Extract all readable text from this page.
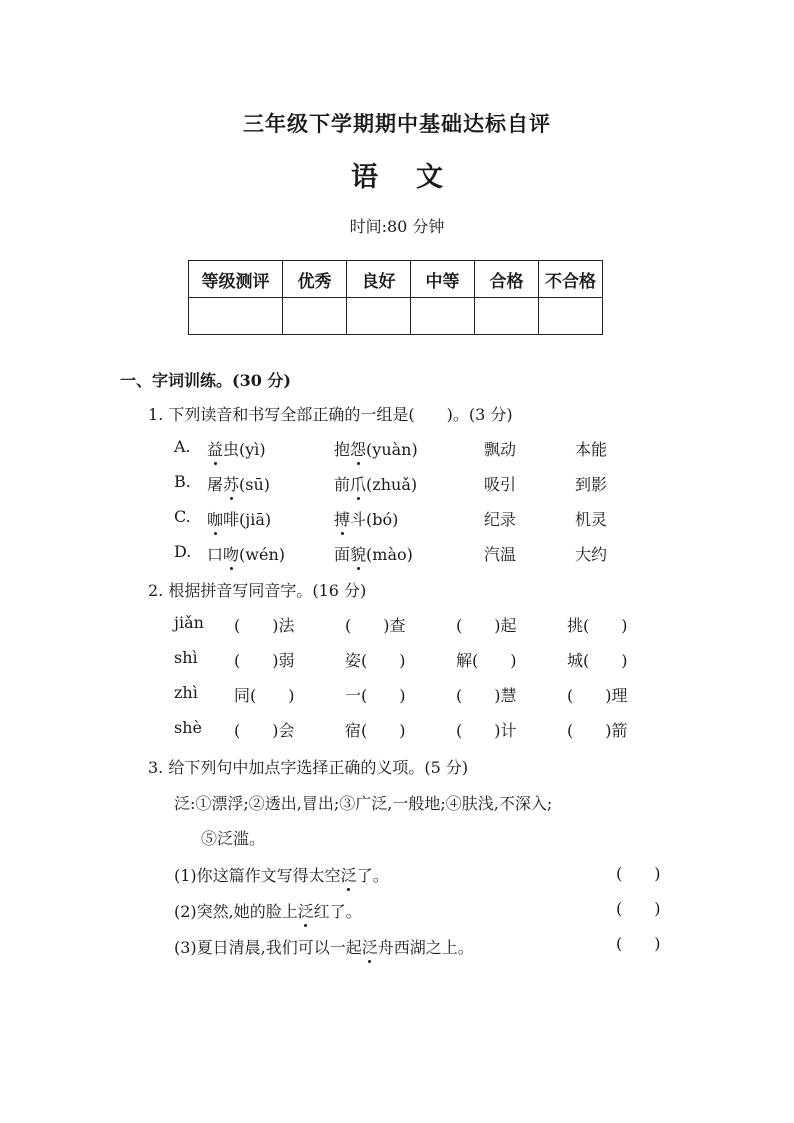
三年级下学期期中基础达标自评
语文
时间:80 分钟
等级测评	优秀	良好	中等	合格	不合格

一、字词训练。(30 分)
1. 下列读音和书写全部正确的一组是(　　)。(3 分)
A. 益虫(yì)	抱怨(yuàn)	飘动	本能
B. 屠苏(sū)	前爪(zhuǎ)	吸引	到影
C. 咖啡(jiā)	搏斗(bó)	纪录	机灵
D. 口吻(wén)	面貌(mào)	汽温	大约
2. 根据拼音写同音字。(16 分)
jiǎn (　　)法	(　　)查	(　　)起	挑(　　)
shì (　　)弱	姿(　　)	解(　　)	城(　　)
zhì 同(　　)	一(　　)	(　　)慧	(　　)理
shè (　　)会	宿(　　)	(　　)计	(　　)箭
3. 给下列句中加点字选择正确的义项。(5 分)
泛:①漂浮;②透出,冒出;③广泛,一般地;④肤浅,不深入;
⑤泛滥。
(1)你这篇作文写得太空泛了。	(　　)
(2)突然,她的脸上泛红了。	(　　)
(3)夏日清晨,我们可以一起泛舟西湖之上。	(　　)
